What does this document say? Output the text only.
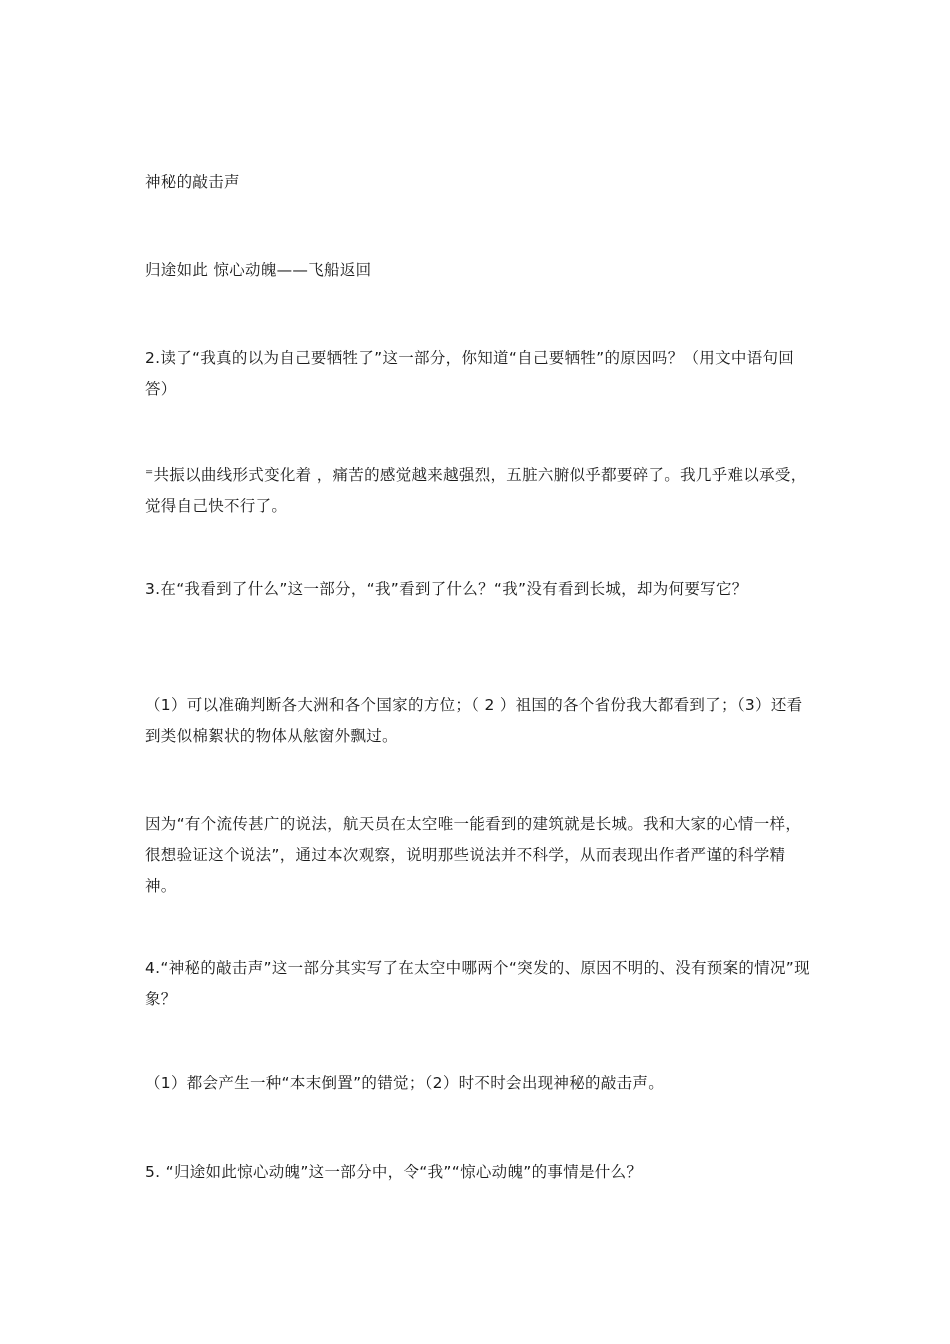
神秘的敲击声

归途如此 惊心动魄——飞船返回

2.读了“我真的以为自己要牺牲了”这一部分，你知道“自己要牺牲”的原因吗？（用文中语句回答）

⁼共振以曲线形式变化着 ，痛苦的感觉越来越强烈，五脏六腑似乎都要碎了。我几乎难以承受，觉得自己快不行了。

3.在“我看到了什么”这一部分，“我”看到了什么？“我”没有看到长城，却为何要写它？

（1）可以准确判断各大洲和各个国家的方位；（ 2 ）祖国的各个省份我大都看到了；（3）还看到类似棉絮状的物体从舷窗外飘过。

因为“有个流传甚广的说法，航天员在太空唯一能看到的建筑就是长城。我和大家的心情一样，很想验证这个说法”，通过本次观察，说明那些说法并不科学，从而表现出作者严谨的科学精神。

4.“神秘的敲击声”这一部分其实写了在太空中哪两个“突发的、原因不明的、没有预案的情况”现象？

（1）都会产生一种“本末倒置”的错觉；（2）时不时会出现神秘的敲击声。

5. “归途如此惊心动魄”这一部分中，令“我”“惊心动魄”的事情是什么？
